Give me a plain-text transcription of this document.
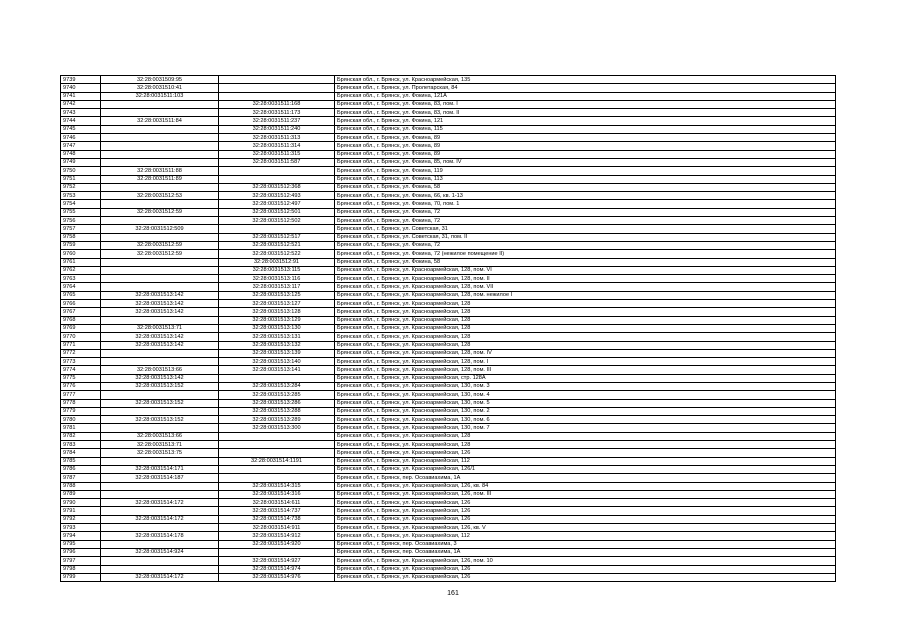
9739	32:28:0031509:95		Брянская обл., г. Брянск, ул. Красноармейская, 135
9740	32:28:0031510:41		Брянская обл., г. Брянск, ул. Пролетарская, 84
9741	32:28:0031511:103		Брянская обл., г. Брянск, ул. Фокина, 121А
9742		32:28:0031511:168	Брянская обл., г. Брянск, ул. Фокина, 83, пом. I
9743		32:28:0031511:173	Брянская обл., г. Брянск, ул. Фокина, 83, пом. II
9744	32:28:0031511:84	32:28:0031511:237	Брянская обл., г. Брянск, ул. Фокина, 121
9745		32:28:0031511:240	Брянская обл., г. Брянск, ул. Фокина, 115
9746		32:28:0031511:313	Брянская обл., г. Брянск, ул. Фокина, 89
9747		32:28:0031511:314	Брянская обл., г. Брянск, ул. Фокина, 89
9748		32:28:0031511:315	Брянская обл., г. Брянск, ул. Фокина, 89
9749		32:28:0031511:587	Брянская обл., г. Брянск, ул. Фокина, 85, пом. IV
9750	32:28:0031511:88		Брянская обл., г. Брянск, ул. Фокина, 119
9751	32:28:0031511:89		Брянская обл., г. Брянск, ул. Фокина, 113
9752		32:28:0031512:368	Брянская обл., г. Брянск, ул. Фокина, 58
9753	32:28:0031512:53	32:28:0031512:493	Брянская обл., г. Брянск, ул. Фокина, 66, кв. 1-13
9754		32:28:0031512:497	Брянская обл., г. Брянск, ул. Фокина, 70, пом. 1
9755	32:28:0031512:59	32:28:0031512:501	Брянская обл., г. Брянск, ул. Фокина, 72
9756		32:28:0031512:502	Брянская обл., г. Брянск, ул. Фокина, 72
9757	32:28:0031512:509		Брянская обл., г. Брянск, ул. Советская, 31
9758		32:28:0031512:517	Брянская обл., г. Брянск, ул. Советская, 31, пом. II
9759	32:28:0031512:59	32:28:0031512:521	Брянская обл., г. Брянск, ул. Фокина, 72
9760	32:28:0031512:59	32:28:0031512:522	Брянская обл., г. Брянск, ул. Фокина, 72 (нежилое помещение II)
9761		32:28:0031512:91	Брянская обл., г. Брянск, ул. Фокина, 58
9762		32:28:0031513:115	Брянская обл., г. Брянск, ул. Красноармейская, 128, пом. VI
9763		32:28:0031513:116	Брянская обл., г. Брянск, ул. Красноармейская, 128, пом. II
9764		32:28:0031513:117	Брянская обл., г. Брянск, ул. Красноармейская, 128, пом. VII
9765	32:28:0031513:142	32:28:0031513:125	Брянская обл., г. Брянск, ул. Красноармейская, 128, пом. нежилое I
9766	32:28:0031513:142	32:28:0031513:127	Брянская обл., г. Брянск, ул. Красноармейская, 128
9767	32:28:0031513:142	32:28:0031513:128	Брянская обл., г. Брянск, ул. Красноармейская, 128
9768		32:28:0031513:129	Брянская обл., г. Брянск, ул. Красноармейская, 128
9769	32:28:0031513:71	32:28:0031513:130	Брянская обл., г. Брянск, ул. Красноармейская, 128
9770	32:28:0031513:142	32:28:0031513:131	Брянская обл., г. Брянск, ул. Красноармейская, 128
9771	32:28:0031513:142	32:28:0031513:132	Брянская обл., г. Брянск, ул. Красноармейская, 128
9772		32:28:0031513:139	Брянская обл., г. Брянск, ул. Красноармейская, 128, пом. IV
9773		32:28:0031513:140	Брянская обл., г. Брянск, ул. Красноармейская, 128, пом. I
9774	32:28:0031513:66	32:28:0031513:141	Брянская обл., г. Брянск, ул. Красноармейская, 128, пом. III
9775	32:28:0031513:142		Брянская обл., г. Брянск, ул. Красноармейская, стр. 128А
9776	32:28:0031513:152	32:28:0031513:284	Брянская обл., г. Брянск, ул. Красноармейская, 130, пом. 3
9777		32:28:0031513:285	Брянская обл., г. Брянск, ул. Красноармейская, 130, пом. 4
9778	32:28:0031513:152	32:28:0031513:286	Брянская обл., г. Брянск, ул. Красноармейская, 130, пом. 5
9779		32:28:0031513:288	Брянская обл., г. Брянск, ул. Красноармейская, 130, пом. 2
9780	32:28:0031513:152	32:28:0031513:289	Брянская обл., г. Брянск, ул. Красноармейская, 130, пом. 6
9781		32:28:0031513:300	Брянская обл., г. Брянск, ул. Красноармейская, 130, пом. 7
9782	32:28:0031513:66		Брянская обл., г. Брянск, ул. Красноармейская, 128
9783	32:28:0031513:71		Брянская обл., г. Брянск, ул. Красноармейская, 128
9784	32:28:0031513:75		Брянская обл., г. Брянск, ул. Красноармейская, 126
9785		32:28:0031514:1191	Брянская обл., г. Брянск, ул. Красноармейская, 112
9786	32:28:0031514:171		Брянская обл., г. Брянск, ул. Красноармейская, 126/1
9787	32:28:0031514:187		Брянская обл., г. Брянск, пер. Осоавиахима, 1А
9788		32:28:0031514:315	Брянская обл., г. Брянск, ул. Красноармейская, 126, кв. 84
9789		32:28:0031514:316	Брянская обл., г. Брянск, ул. Красноармейская, 126, пом. III
9790	32:28:0031514:172	32:28:0031514:611	Брянская обл., г. Брянск, ул. Красноармейская, 126
9791		32:28:0031514:737	Брянская обл., г. Брянск, ул. Красноармейская, 126
9792	32:28:0031514:172	32:28:0031514:738	Брянская обл., г. Брянск, ул. Красноармейская, 126
9793		32:28:0031514:911	Брянская обл., г. Брянск, ул. Красноармейская, 126, кв. V
9794	32:28:0031514:178	32:28:0031514:912	Брянская обл., г. Брянск, ул. Красноармейская, 112
9795		32:28:0031514:920	Брянская обл., г. Брянск, пер. Осоавиахима, 3
9796	32:28:0031514:924		Брянская обл., г. Брянск, пер. Осоавиахима, 1А
9797		32:28:0031514:927	Брянская обл., г. Брянск, ул. Красноармейская, 126, пом. 10
9798		32:28:0031514:974	Брянская обл., г. Брянск, ул. Красноармейская, 126
9799	32:28:0031514:172	32:28:0031514:976	Брянская обл., г. Брянск, ул. Красноармейская, 126
161
